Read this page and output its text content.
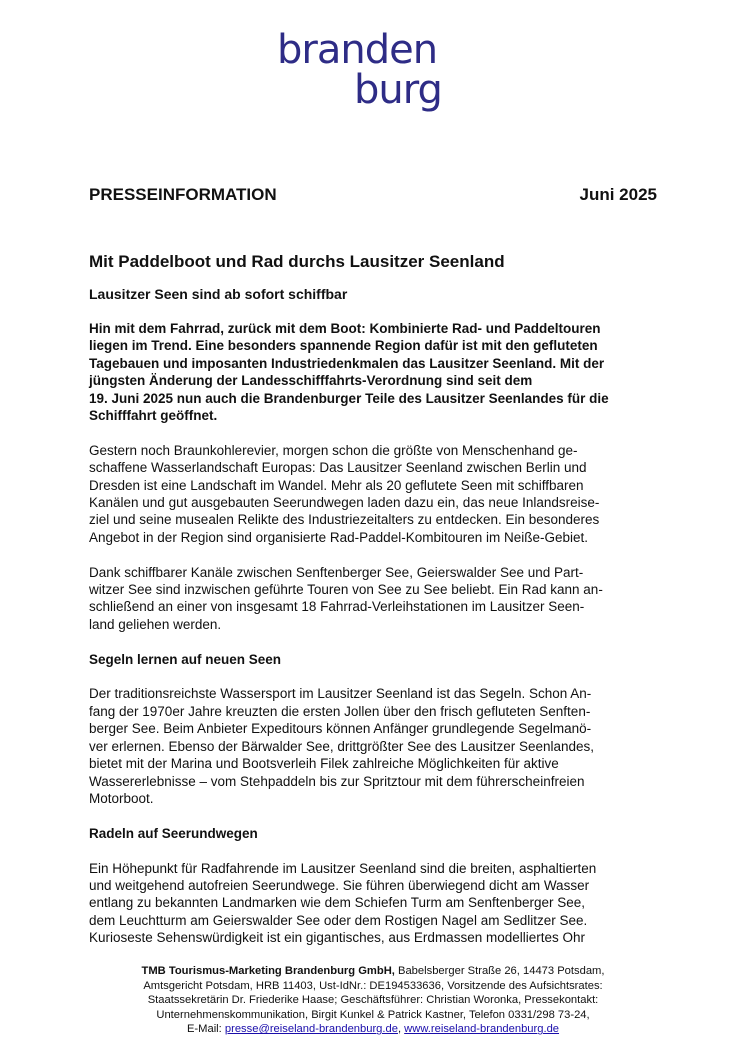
branden
burg
PRESSEINFORMATION	Juni 2025
Mit Paddelboot und Rad durchs Lausitzer Seenland
Lausitzer Seen sind ab sofort schiffbar

Hin mit dem Fahrrad, zurück mit dem Boot: Kombinierte Rad- und Paddeltouren
liegen im Trend. Eine besonders spannende Region dafür ist mit den gefluteten
Tagebauen und imposanten Industriedenkmalen das Lausitzer Seenland. Mit der
jüngsten Änderung der Landesschifffahrts-Verordnung sind seit dem
19. Juni 2025 nun auch die Brandenburger Teile des Lausitzer Seenlandes für die
Schifffahrt geöffnet.

Gestern noch Braunkohlerevier, morgen schon die größte von Menschenhand ge-
schaffene Wasserlandschaft Europas: Das Lausitzer Seenland zwischen Berlin und
Dresden ist eine Landschaft im Wandel. Mehr als 20 geflutete Seen mit schiffbaren
Kanälen und gut ausgebauten Seerundwegen laden dazu ein, das neue Inlandsreise-
ziel und seine musealen Relikte des Industriezeitalters zu entdecken. Ein besonderes
Angebot in der Region sind organisierte Rad-Paddel-Kombitouren im Neiße-Gebiet.

Dank schiffbarer Kanäle zwischen Senftenberger See, Geierswalder See und Part-
witzer See sind inzwischen geführte Touren von See zu See beliebt. Ein Rad kann an-
schließend an einer von insgesamt 18 Fahrrad-Verleihstationen im Lausitzer Seen-
land geliehen werden.

Segeln lernen auf neuen Seen

Der traditionsreichste Wassersport im Lausitzer Seenland ist das Segeln. Schon An-
fang der 1970er Jahre kreuzten die ersten Jollen über den frisch gefluteten Senften-
berger See. Beim Anbieter Expeditours können Anfänger grundlegende Segelmanö-
ver erlernen. Ebenso der Bärwalder See, drittgrößter See des Lausitzer Seenlandes,
bietet mit der Marina und Bootsverleih Filek zahlreiche Möglichkeiten für aktive
Wassererlebnisse – vom Stehpaddeln bis zur Spritztour mit dem führerscheinfreien
Motorboot.

Radeln auf Seerundwegen

Ein Höhepunkt für Radfahrende im Lausitzer Seenland sind die breiten, asphaltierten
und weitgehend autofreien Seerundwege. Sie führen überwiegend dicht am Wasser
entlang zu bekannten Landmarken wie dem Schiefen Turm am Senftenberger See,
dem Leuchtturm am Geierswalder See oder dem Rostigen Nagel am Sedlitzer See.
Kurioseste Sehenswürdigkeit ist ein gigantisches, aus Erdmassen modelliertes Ohr

TMB Tourismus-Marketing Brandenburg GmbH, Babelsberger Straße 26, 14473 Potsdam,
Amtsgericht Potsdam, HRB 11403, Ust-IdNr.: DE194533636, Vorsitzende des Aufsichtsrates:
Staatssekretärin Dr. Friederike Haase; Geschäftsführer: Christian Woronka, Pressekontakt:
Unternehmenskommunikation, Birgit Kunkel & Patrick Kastner, Telefon 0331/298 73-24,
E-Mail: presse@reiseland-brandenburg.de, www.reiseland-brandenburg.de
